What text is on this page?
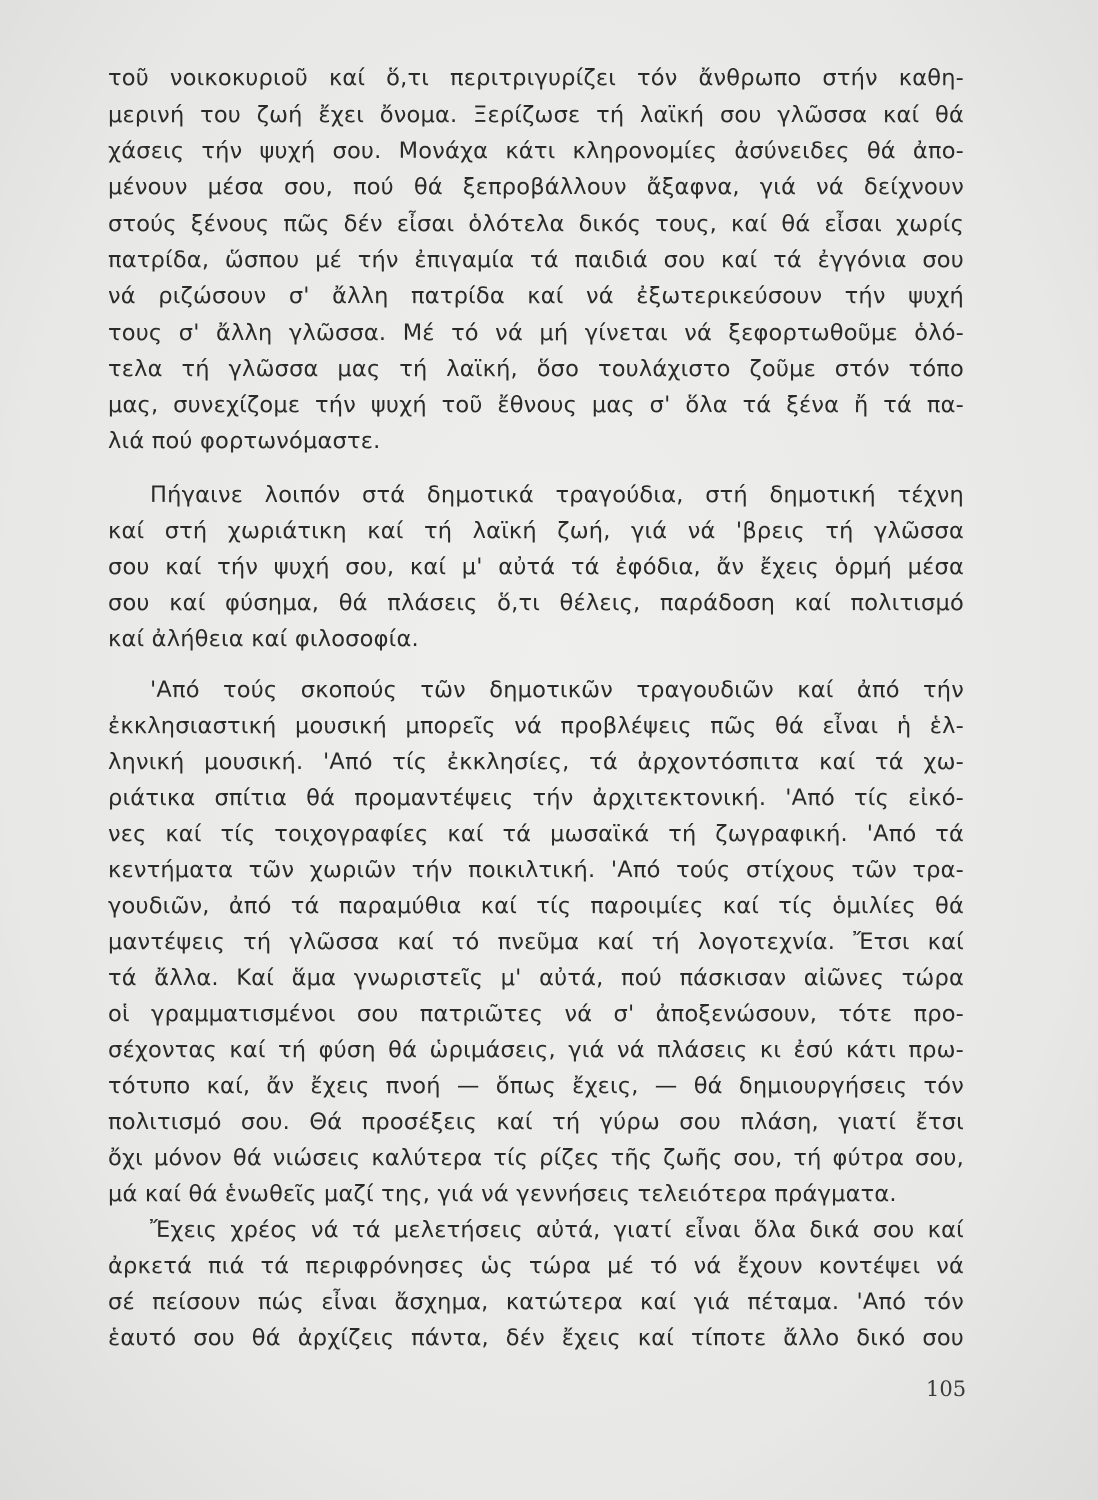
τοῦ νοικοκυριοῦ καί ὅ,τι περιτριγυρίζει τόν ἄνθρωπο στήν καθη-
μερινή του ζωή ἔχει ὄνομα. Ξερίζωσε τή λαϊκή σου γλῶσσα καί θά
χάσεις τήν ψυχή σου. Μονάχα κάτι κληρονομίες ἀσύνειδες θά ἀπο-
μένουν μέσα σου, πού θά ξεπροβάλλουν ἄξαφνα, γιά νά δείχνουν
στούς ξένους πῶς δέν εἶσαι ὁλότελα δικός τους, καί θά εἶσαι χωρίς
πατρίδα, ὥσπου μέ τήν ἐπιγαμία τά παιδιά σου καί τά ἐγγόνια σου
νά ριζώσουν σ' ἄλλη πατρίδα καί νά ἐξωτερικεύσουν τήν ψυχή
τους σ' ἄλλη γλῶσσα. Μέ τό νά μή γίνεται νά ξεφορτωθοῦμε ὁλό-
τελα τή γλῶσσα μας τή λαϊκή, ὅσο τουλάχιστο ζοῦμε στόν τόπο
μας, συνεχίζομε τήν ψυχή τοῦ ἔθνους μας σ' ὅλα τά ξένα ἤ τά πα-
λιά πού φορτωνόμαστε.
Πήγαινε λοιπόν στά δημοτικά τραγούδια, στή δημοτική τέχνη
καί στή χωριάτικη καί τή λαϊκή ζωή, γιά νά 'βρεις τή γλῶσσα
σου καί τήν ψυχή σου, καί μ' αὐτά τά ἐφόδια, ἄν ἔχεις ὁρμή μέσα
σου καί φύσημα, θά πλάσεις ὅ,τι θέλεις, παράδοση καί πολιτισμό
καί ἀλήθεια καί φιλοσοφία.
'Από τούς σκοπούς τῶν δημοτικῶν τραγουδιῶν καί ἀπό τήν
ἐκκλησιαστική μουσική μπορεῖς νά προβλέψεις πῶς θά εἶναι ἡ ἑλ-
ληνική μουσική. 'Από τίς ἐκκλησίες, τά ἀρχοντόσπιτα καί τά χω-
ριάτικα σπίτια θά προμαντέψεις τήν ἀρχιτεκτονική. 'Από τίς εἰκό-
νες καί τίς τοιχογραφίες καί τά μωσαϊκά τή ζωγραφική. 'Από τά
κεντήματα τῶν χωριῶν τήν ποικιλτική. 'Από τούς στίχους τῶν τρα-
γουδιῶν, ἀπό τά παραμύθια καί τίς παροιμίες καί τίς ὁμιλίες θά
μαντέψεις τή γλῶσσα καί τό πνεῦμα καί τή λογοτεχνία. Ἔτσι καί
τά ἄλλα. Καί ἅμα γνωριστεῖς μ' αὐτά, πού πάσκισαν αἰῶνες τώρα
οἱ γραμματισμένοι σου πατριῶτες νά σ' ἀποξενώσουν, τότε προ-
σέχοντας καί τή φύση θά ὡριμάσεις, γιά νά πλάσεις κι ἐσύ κάτι πρω-
τότυπο καί, ἄν ἔχεις πνοή — ὅπως ἔχεις, — θά δημιουργήσεις τόν
πολιτισμό σου. Θά προσέξεις καί τή γύρω σου πλάση, γιατί ἔτσι
ὄχι μόνον θά νιώσεις καλύτερα τίς ρίζες τῆς ζωῆς σου, τή φύτρα σου,
μά καί θά ἑνωθεῖς μαζί της, γιά νά γεννήσεις τελειότερα πράγματα.
Ἔχεις χρέος νά τά μελετήσεις αὐτά, γιατί εἶναι ὅλα δικά σου καί
ἀρκετά πιά τά περιφρόνησες ὡς τώρα μέ τό νά ἔχουν κοντέψει νά
σέ πείσουν πώς εἶναι ἄσχημα, κατώτερα καί γιά πέταμα. 'Από τόν
ἑαυτό σου θά ἀρχίζεις πάντα, δέν ἔχεις καί τίποτε ἄλλο δικό σου
105
